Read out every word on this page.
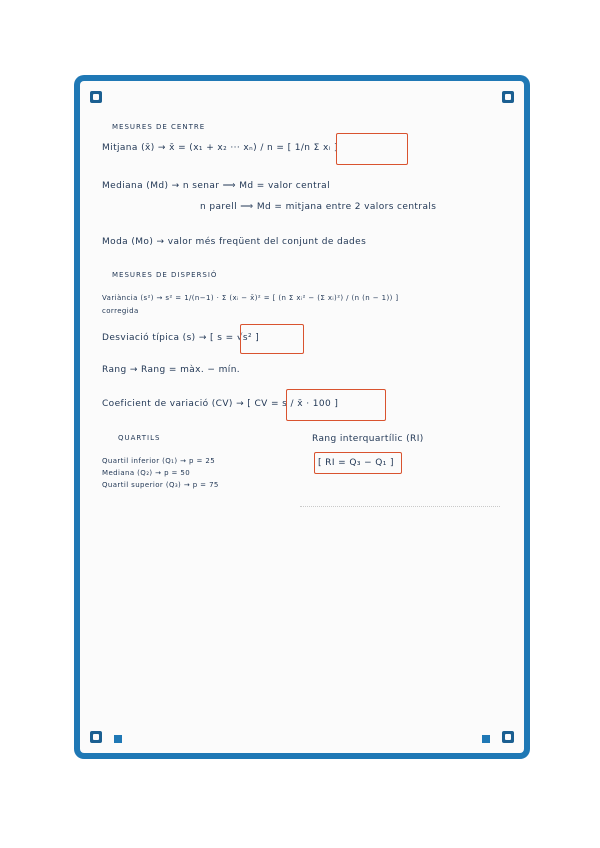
MESURES DE CENTRE
Mitjana (x̄) → x̄ = (x₁ + x₂ ··· xₙ) / n = [ 1/n Σ xᵢ ]
Mediana (Md) → n senar ⟹ Md = valor central
n parell ⟹ Md = mitjana entre 2 valors centrals
Moda (Mo) → valor més freqüent del conjunt de dades
MESURES DE DISPERSIÓ
Variància (s²) → s² = 1/(n−1) · Σ (xᵢ − x̄)² = [ (n Σ xᵢ² − (Σ xᵢ)²) / (n (n − 1)) ]
corregida
Desviació típica (s) → [ s = √s² ]
Rang → Rang = màx. − mín.
Coeficient de variació (CV) → [ CV = s / x̄ · 100 ]
QUARTILS
Quartil inferior (Q₁) → p = 25
Mediana (Q₂) → p = 50
Quartil superior (Q₃) → p = 75
Rang interquartílic (RI)
[ RI = Q₃ − Q₁ ]
